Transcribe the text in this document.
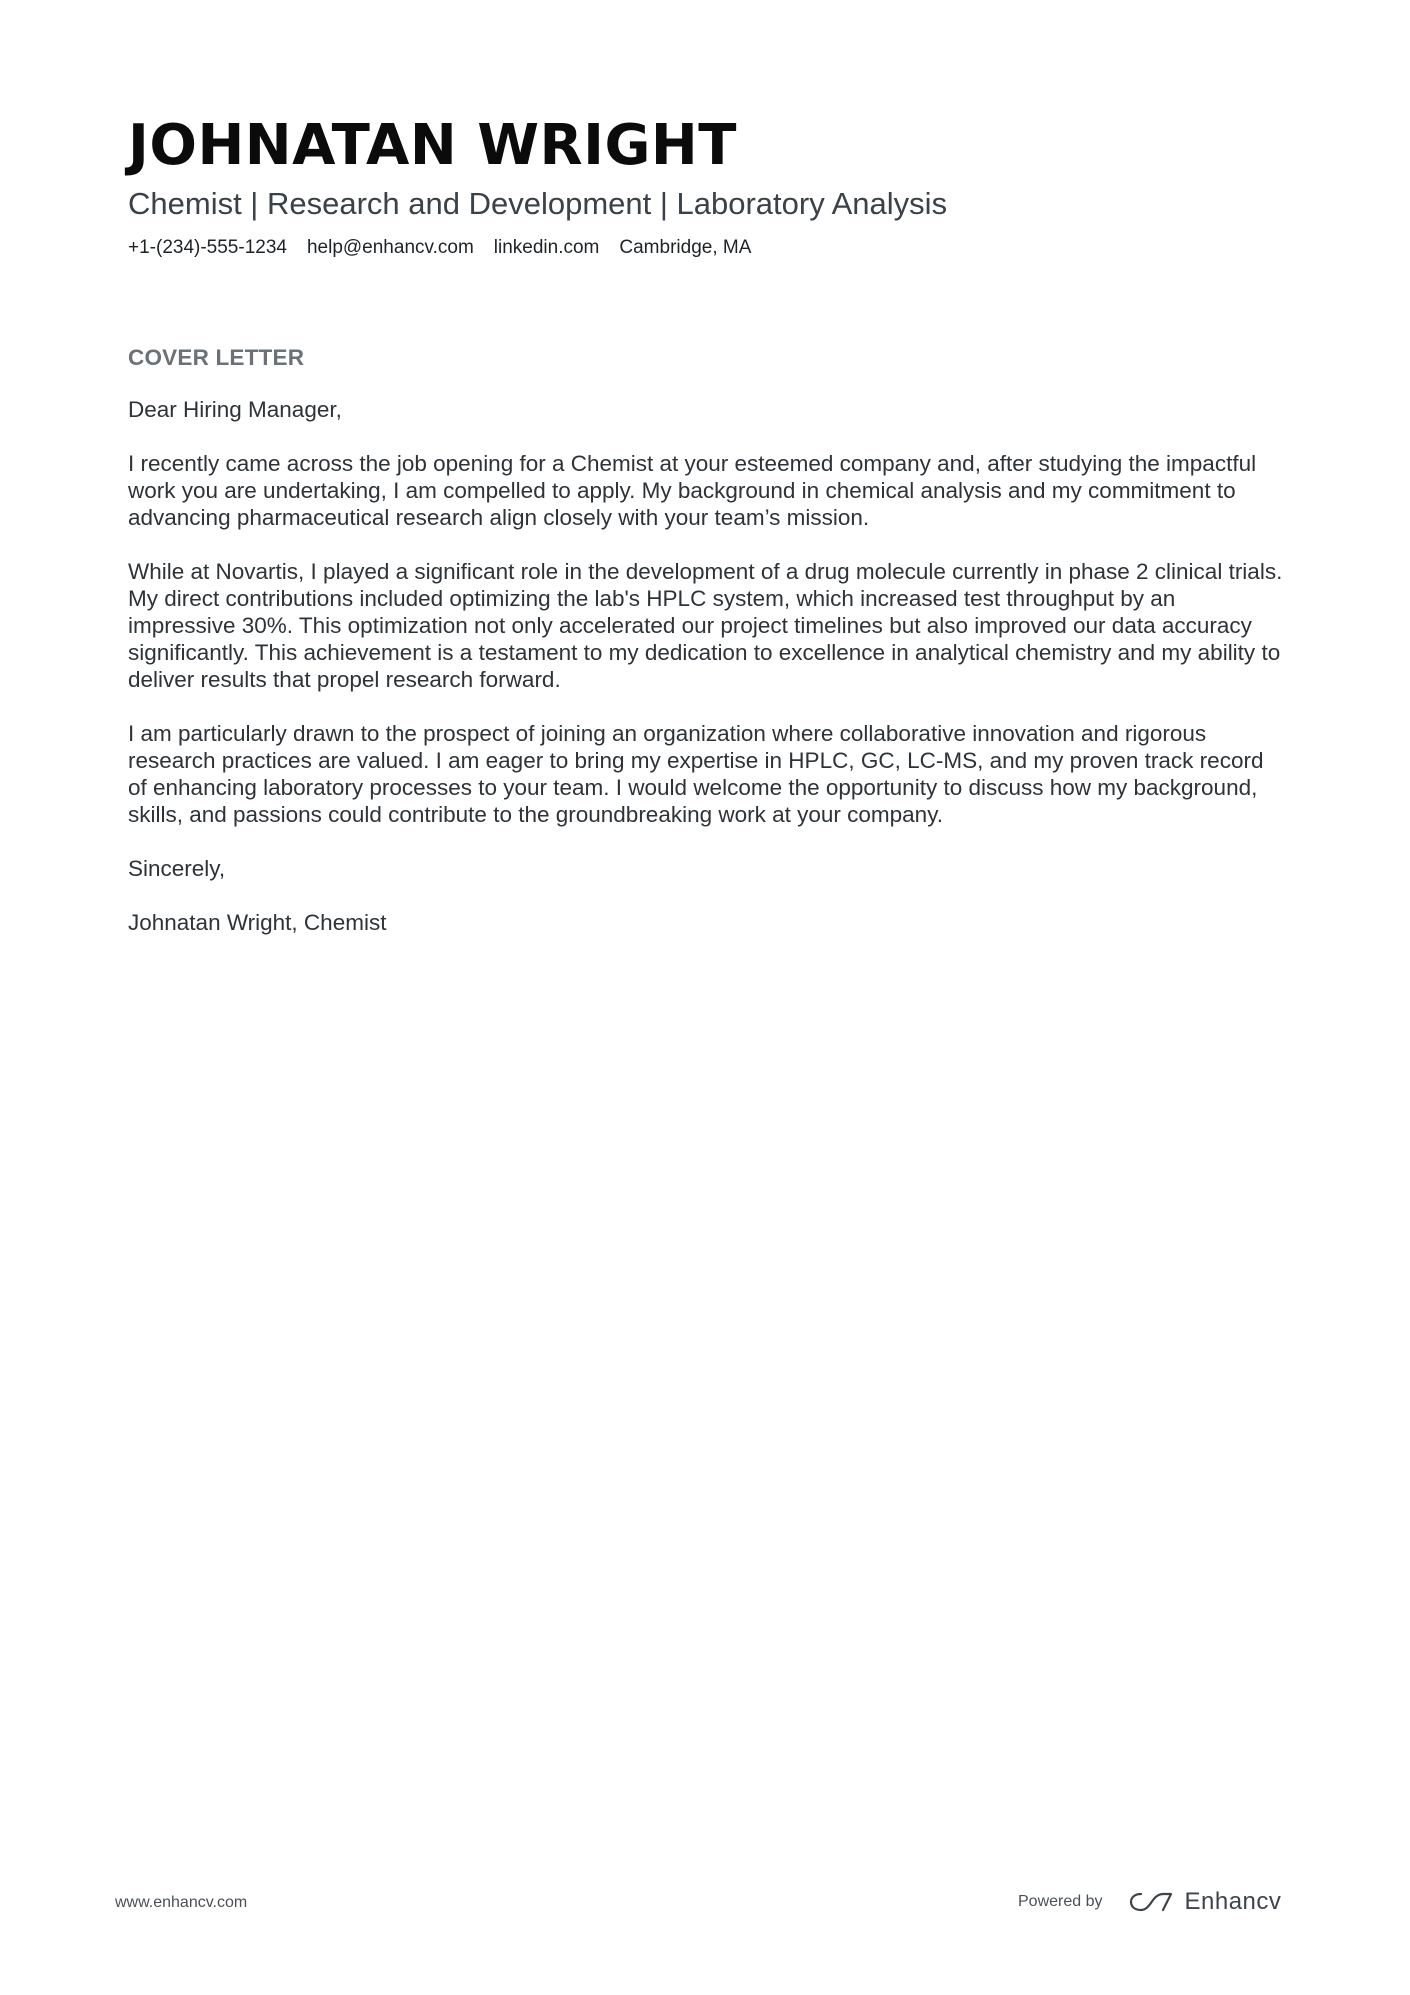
JOHNATAN WRIGHT
Chemist | Research and Development | Laboratory Analysis
+1-(234)-555-1234 help@enhancv.com linkedin.com Cambridge, MA
COVER LETTER

Dear Hiring Manager,

I recently came across the job opening for a Chemist at your esteemed company and, after studying the impactful work you are undertaking, I am compelled to apply. My background in chemical analysis and my commitment to advancing pharmaceutical research align closely with your team’s mission.

While at Novartis, I played a significant role in the development of a drug molecule currently in phase 2 clinical trials. My direct contributions included optimizing the lab's HPLC system, which increased test throughput by an impressive 30%. This optimization not only accelerated our project timelines but also improved our data accuracy significantly. This achievement is a testament to my dedication to excellence in analytical chemistry and my ability to deliver results that propel research forward.

I am particularly drawn to the prospect of joining an organization where collaborative innovation and rigorous research practices are valued. I am eager to bring my expertise in HPLC, GC, LC-MS, and my proven track record of enhancing laboratory processes to your team. I would welcome the opportunity to discuss how my background, skills, and passions could contribute to the groundbreaking work at your company.

Sincerely,

Johnatan Wright, Chemist

www.enhancv.com	Powered by	Enhancv
